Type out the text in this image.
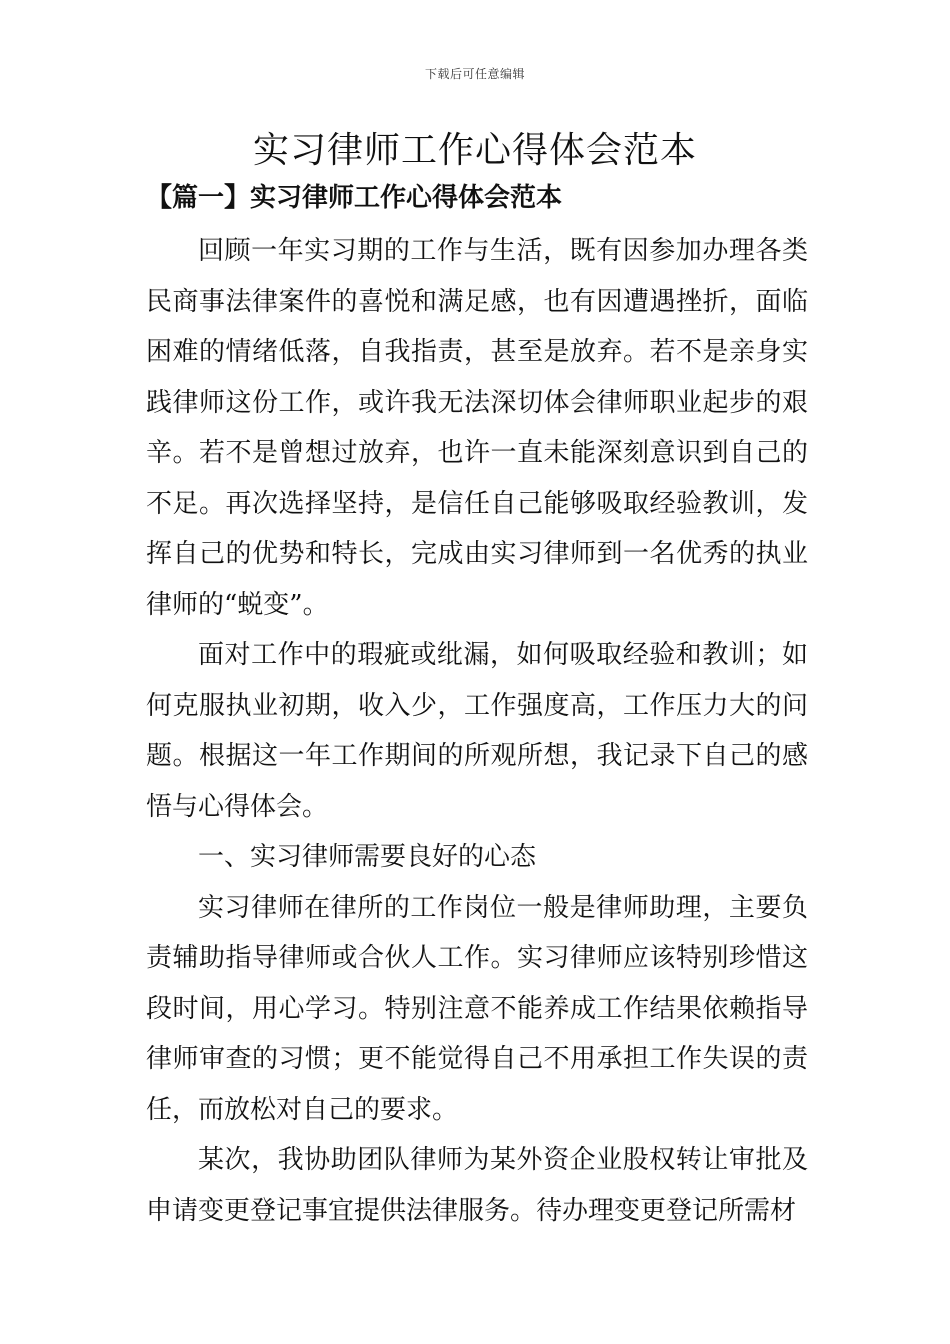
下载后可任意编辑
实习律师工作心得体会范本
【篇一】实习律师工作心得体会范本

回顾一年实习期的工作与生活，既有因参加办理各类民商事法律案件的喜悦和满足感，也有因遭遇挫折，面临困难的情绪低落，自我指责，甚至是放弃。若不是亲身实践律师这份工作，或许我无法深切体会律师职业起步的艰辛。若不是曾想过放弃，也许一直未能深刻意识到自己的不足。再次选择坚持，是信任自己能够吸取经验教训，发挥自己的优势和特长，完成由实习律师到一名优秀的执业律师的“蜕变”。

面对工作中的瑕疵或纰漏，如何吸取经验和教训；如何克服执业初期，收入少，工作强度高，工作压力大的问题。根据这一年工作期间的所观所想，我记录下自己的感悟与心得体会。

一、实习律师需要良好的心态

实习律师在律所的工作岗位一般是律师助理，主要负责辅助指导律师或合伙人工作。实习律师应该特别珍惜这段时间，用心学习。特别注意不能养成工作结果依赖指导律师审查的习惯；更不能觉得自己不用承担工作失误的责任，而放松对自己的要求。

某次，我协助团队律师为某外资企业股权转让审批及申请变更登记事宜提供法律服务。待办理变更登记所需材
